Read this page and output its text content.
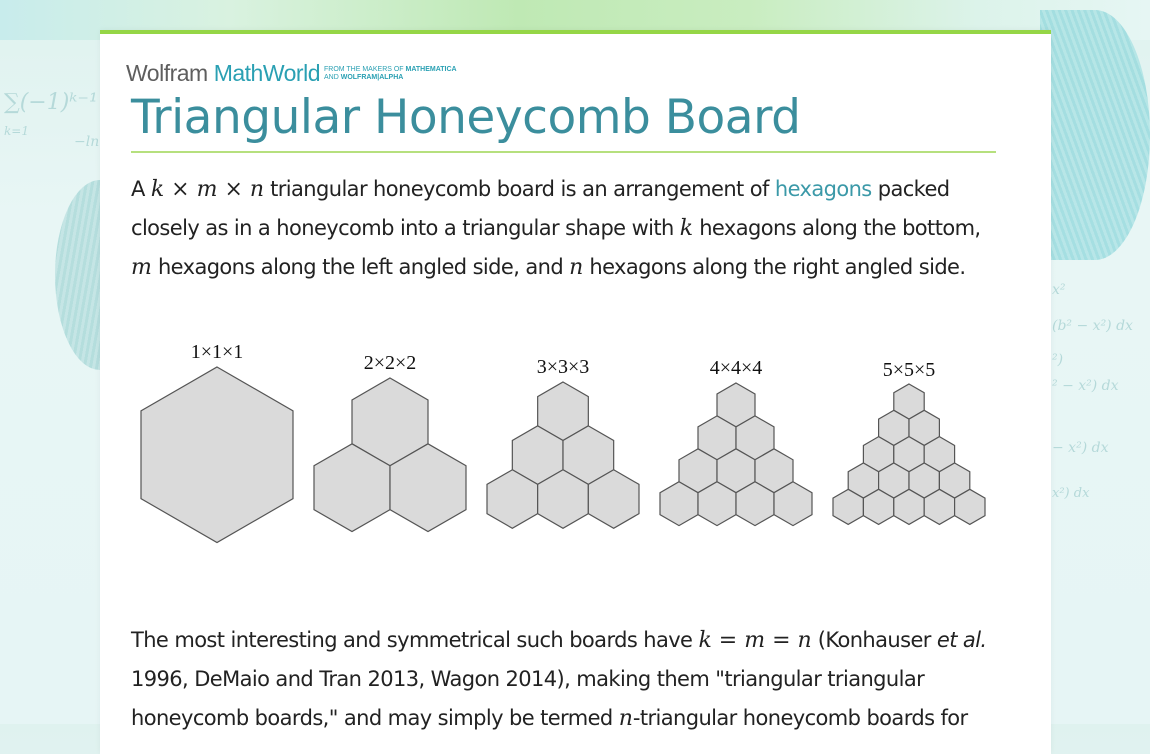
∑(−1)ᵏ⁻¹
k=1
−ln
x²
(b² − x²) dx
²)
² − x²) dx
− x²) dx
x²) dx
Wolfram MathWorld FROM THE MAKERS OF MATHEMATICA
AND WOLFRAM|ALPHA
Triangular Honeycomb Board

A k × m × n triangular honeycomb board is an arrangement of hexagons packed closely as in a honeycomb into a triangular shape with k hexagons along the bottom, m hexagons along the left angled side, and n hexagons along the right angled side.

The most interesting and symmetrical such boards have k = m = n (Konhauser et al. 1996, DeMaio and Tran 2013, Wagon 2014), making them "triangular triangular honeycomb boards," and may simply be termed n-triangular honeycomb boards for

1×1×1	2×2×2	3×3×3	4×4×4	5×5×5
